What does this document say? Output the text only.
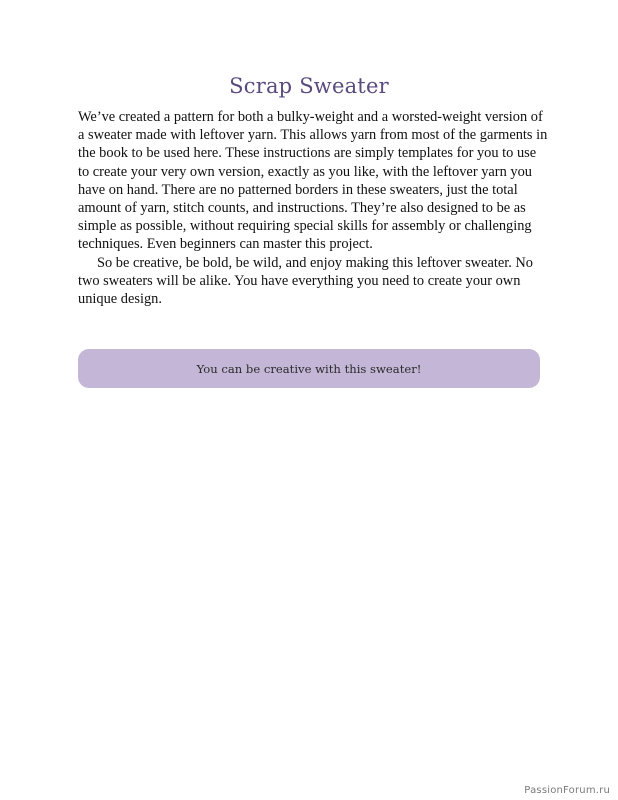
Scrap Sweater

We’ve created a pattern for both a bulky-weight and a worsted-weight version of a sweater made with leftover yarn. This allows yarn from most of the garments in the book to be used here. These instructions are simply templates for you to use to create your very own version, exactly as you like, with the leftover yarn you have on hand. There are no patterned borders in these sweaters, just the total amount of yarn, stitch counts, and instructions. They’re also designed to be as simple as possible, without requiring special skills for assembly or challenging techniques. Even beginners can master this project.

So be creative, be bold, be wild, and enjoy making this leftover sweater. No two sweaters will be alike. You have everything you need to create your own unique design.

You can be creative with this sweater!
PassionForum.ru
